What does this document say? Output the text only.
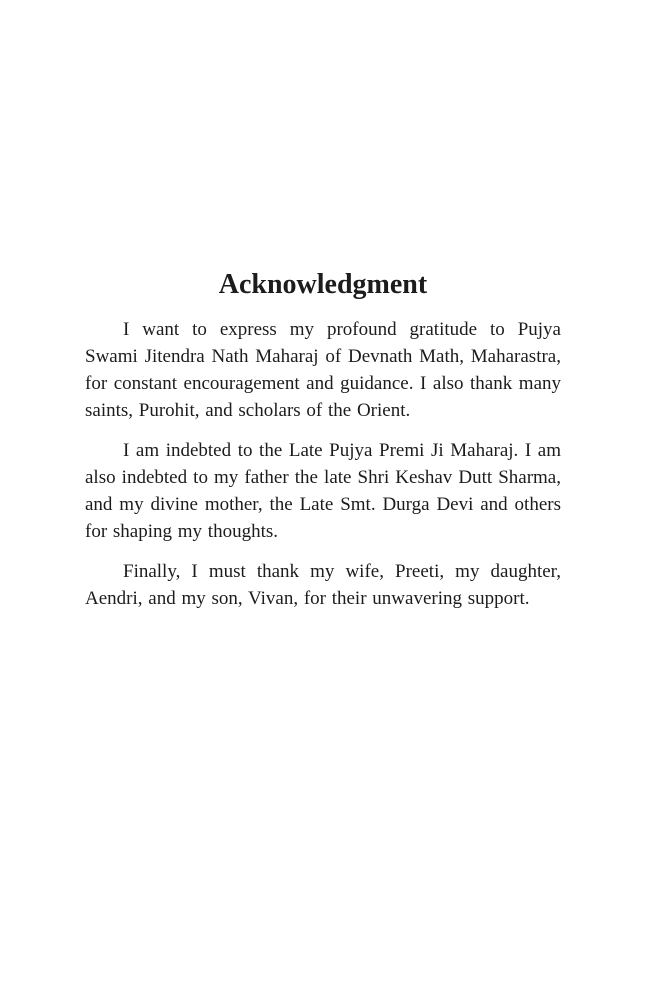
Acknowledgment

I want to express my profound gratitude to Pujya Swami Jitendra Nath Maharaj of Devnath Math, Maharastra, for constant encouragement and guidance. I also thank many saints, Purohit, and scholars of the Orient.

I am indebted to the Late Pujya Premi Ji Maharaj. I am also indebted to my father the late Shri Keshav Dutt Sharma, and my divine mother, the Late Smt. Durga Devi and others for shaping my thoughts.

Finally, I must thank my wife, Preeti, my daughter, Aendri, and my son, Vivan, for their unwavering support.
